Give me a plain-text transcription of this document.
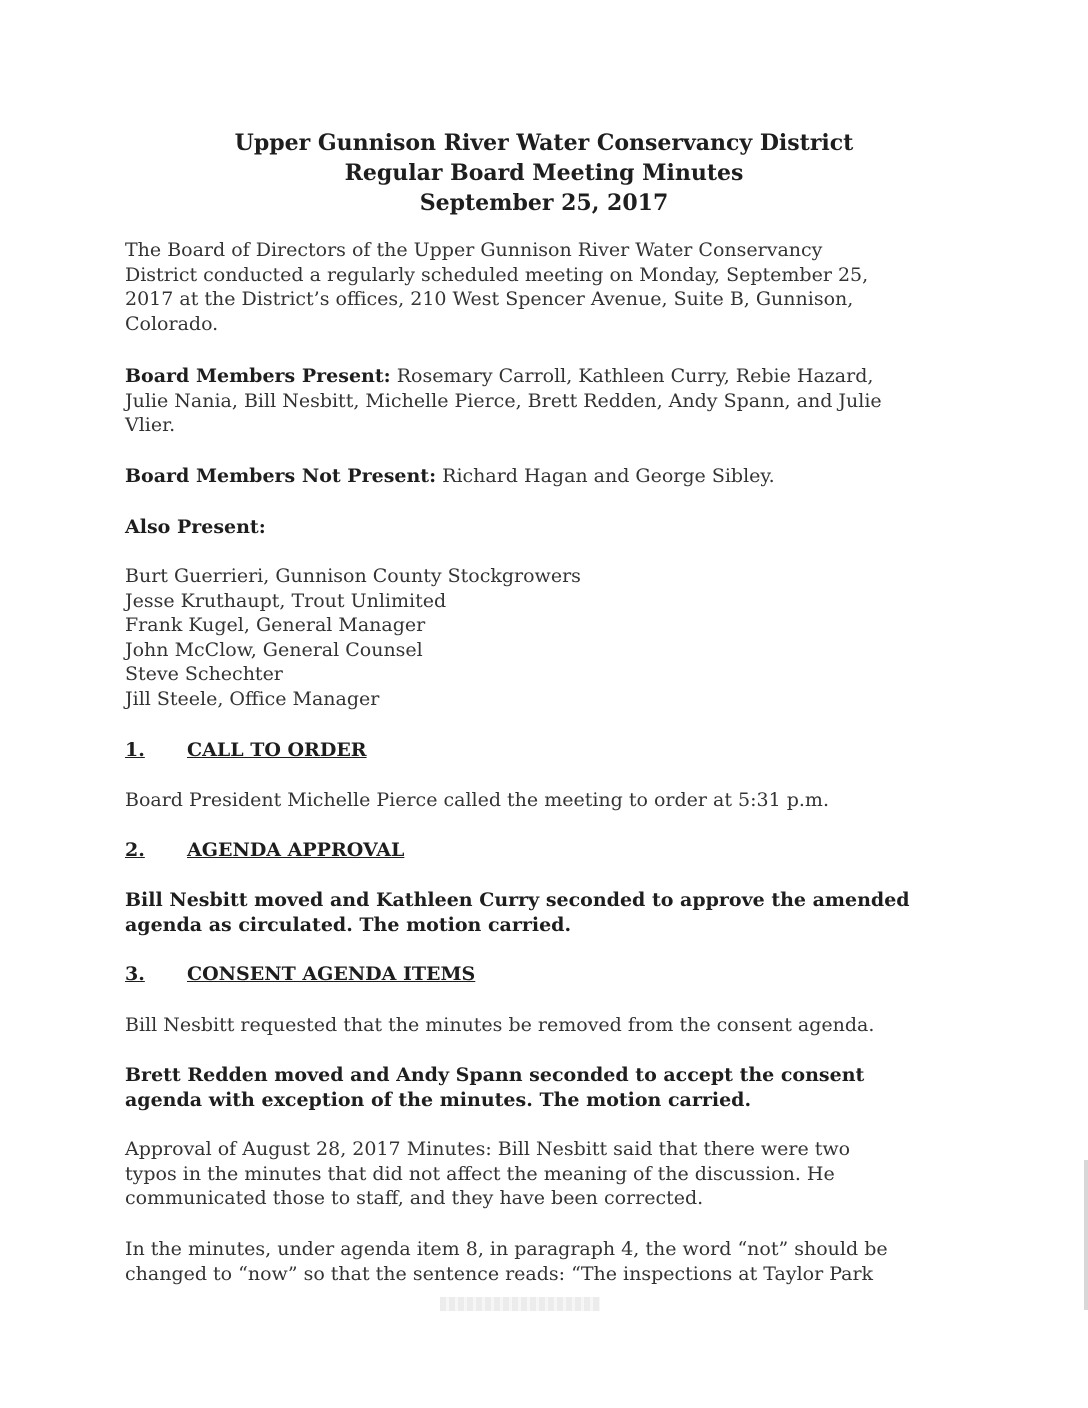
Upper Gunnison River Water Conservancy District
Regular Board Meeting Minutes
September 25, 2017
The Board of Directors of the Upper Gunnison River Water Conservancy
District conducted a regularly scheduled meeting on Monday, September 25,
2017 at the District’s offices, 210 West Spencer Avenue, Suite B, Gunnison,
Colorado.
Board Members Present: Rosemary Carroll, Kathleen Curry, Rebie Hazard,
Julie Nania, Bill Nesbitt, Michelle Pierce, Brett Redden, Andy Spann, and Julie
Vlier.
Board Members Not Present: Richard Hagan and George Sibley.
Also Present:
Burt Guerrieri, Gunnison County Stockgrowers
Jesse Kruthaupt, Trout Unlimited
Frank Kugel, General Manager
John McClow, General Counsel
Steve Schechter
Jill Steele, Office Manager
1. CALL TO ORDER
Board President Michelle Pierce called the meeting to order at 5:31 p.m.
2. AGENDA APPROVAL
Bill Nesbitt moved and Kathleen Curry seconded to approve the amended
agenda as circulated. The motion carried.
3. CONSENT AGENDA ITEMS
Bill Nesbitt requested that the minutes be removed from the consent agenda.
Brett Redden moved and Andy Spann seconded to accept the consent
agenda with exception of the minutes. The motion carried.
Approval of August 28, 2017 Minutes: Bill Nesbitt said that there were two
typos in the minutes that did not affect the meaning of the discussion. He
communicated those to staff, and they have been corrected.
In the minutes, under agenda item 8, in paragraph 4, the word “not” should be
changed to “now” so that the sentence reads: “The inspections at Taylor Park
